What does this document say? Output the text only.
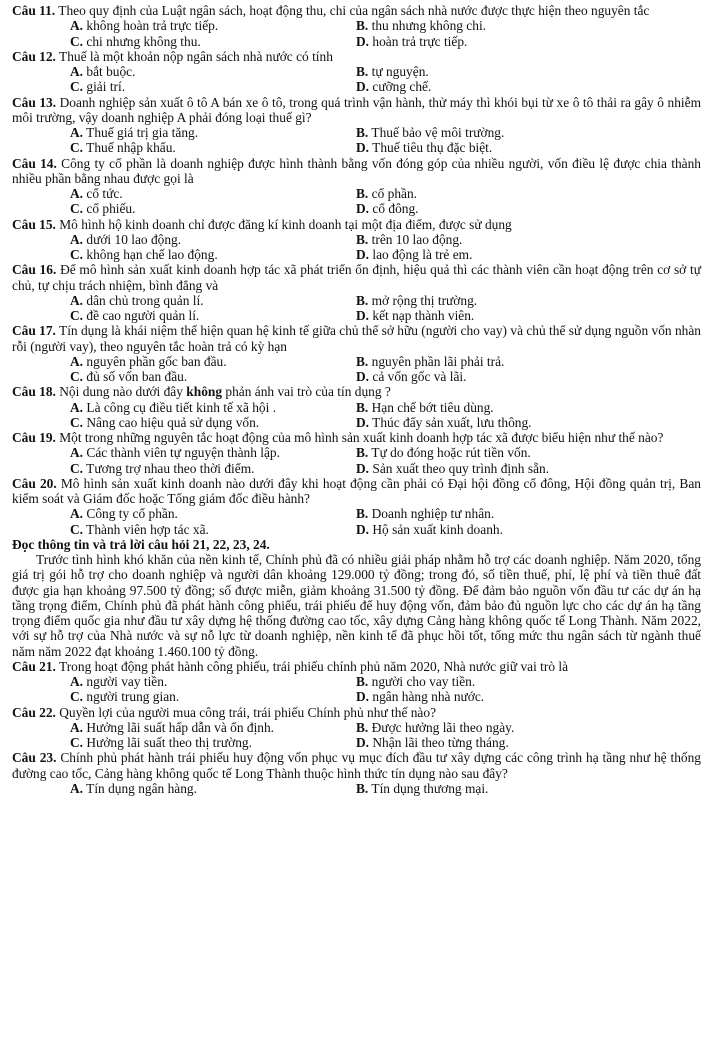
Câu 11. Theo quy định của Luật ngân sách, hoạt động thu, chi của ngân sách nhà nước được thực hiện theo nguyên tắc

A. không hoàn trả trực tiếp.	B. thu nhưng không chi.
C. chi nhưng không thu.	D. hoàn trả trực tiếp.

Câu 12. Thuế là một khoản nộp ngân sách nhà nước có tính

A. bắt buộc.	B. tự nguyện.
C. giải trí.	D. cưỡng chế.

Câu 13. Doanh nghiệp sản xuất ô tô A bán xe ô tô, trong quá trình vận hành, thử máy thì khói bụi từ xe ô tô thải ra gây ô nhiễm môi trường, vậy doanh nghiệp A phải đóng loại thuế gì?

A. Thuế giá trị gia tăng.	B. Thuế bảo vệ môi trường.
C. Thuế nhập khẩu.	D. Thuế tiêu thụ đặc biệt.

Câu 14. Công ty cổ phần là doanh nghiệp được hình thành bằng vốn đóng góp của nhiều người, vốn điều lệ được chia thành nhiều phần bằng nhau được gọi là

A. cổ tức.	B. cổ phần.
C. cổ phiếu.	D. cổ đông.

Câu 15. Mô hình hộ kinh doanh chỉ được đăng kí kinh doanh tại một địa điểm, được sử dụng

A. dưới 10 lao động.	B. trên 10 lao động.
C. không hạn chế lao động.	D. lao động là trẻ em.

Câu 16. Để mô hình sản xuất kinh doanh hợp tác xã phát triển ổn định, hiệu quả thì các thành viên cần hoạt động trên cơ sở tự chủ, tự chịu trách nhiệm, bình đẳng và

A. dân chủ trong quản lí.	B. mở rộng thị trường.
C. đề cao người quản lí.	D. kết nạp thành viên.

Câu 17. Tín dụng là khái niệm thể hiện quan hệ kinh tế giữa chủ thể sở hữu (người cho vay) và chủ thể sử dụng nguồn vốn nhàn rỗi (người vay), theo nguyên tắc hoàn trả có kỳ hạn

A. nguyên phần gốc ban đầu.	B. nguyên phần lãi phải trả.
C. đủ số vốn ban đầu.	D. cả vốn gốc và lãi.

Câu 18. Nội dung nào dưới đây không phản ánh vai trò của tín dụng ?

A. Là công cụ điều tiết kinh tế xã hội .	B. Hạn chế bớt tiêu dùng.
C. Nâng cao hiệu quả sử dụng vốn.	D. Thúc đẩy sản xuất, lưu thông.

Câu 19. Một trong những nguyên tắc hoạt động của mô hình sản xuất kinh doanh hợp tác xã được biểu hiện như thế nào?

A. Các thành viên tự nguyện thành lập.	B. Tự do đóng hoặc rút tiền vốn.
C. Tương trợ nhau theo thời điểm.	D. Sản xuất theo quy trình định sẵn.

Câu 20. Mô hình sản xuất kinh doanh nào dưới đây khi hoạt động cần phải có Đại hội đồng cổ đông, Hội đồng quản trị, Ban kiểm soát và Giám đốc hoặc Tổng giám đốc điều hành?

A. Công ty cổ phần.	B. Doanh nghiệp tư nhân.
C. Thành viên hợp tác xã.	D. Hộ sản xuất kinh doanh.

Đọc thông tin và trả lời câu hỏi 21, 22, 23, 24.

Trước tình hình khó khăn của nền kinh tế, Chính phủ đã có nhiều giải pháp nhằm hỗ trợ các doanh nghiệp. Năm 2020, tổng giá trị gói hỗ trợ cho doanh nghiệp và người dân khoảng 129.000 tỷ đồng; trong đó, số tiền thuế, phí, lệ phí và tiền thuê đất được gia hạn khoảng 97.500 tỷ đồng; số được miễn, giảm khoảng 31.500 tỷ đồng. Để đảm bảo nguồn vốn đầu tư các dự án hạ tầng trọng điểm, Chính phủ đã phát hành công phiếu, trái phiếu để huy động vốn, đảm bảo đủ nguồn lực cho các dự án hạ tầng trọng điểm quốc gia như đầu tư xây dựng hệ thống đường cao tốc, xây dựng Cảng hàng không quốc tế Long Thành. Năm 2022, với sự hỗ trợ của Nhà nước và sự nỗ lực từ doanh nghiệp, nền kinh tế đã phục hồi tốt, tổng mức thu ngân sách từ ngành thuế năm năm 2022 đạt khoảng 1.460.100 tỷ đồng.

Câu 21. Trong hoạt động phát hành công phiếu, trái phiếu chính phủ năm 2020, Nhà nước giữ vai trò là

A. người vay tiền.	B. người cho vay tiền.
C. người trung gian.	D. ngân hàng nhà nước.

Câu 22. Quyền lợi của người mua công trái, trái phiếu Chính phủ như thế nào?

A. Hưởng lãi suất hấp dẫn và ổn định.	B. Được hưởng lãi theo ngày.
C. Hưởng lãi suất theo thị trường.	D. Nhận lãi theo từng tháng.

Câu 23. Chính phủ phát hành trái phiếu huy động vốn phục vụ mục đích đầu tư xây dựng các công trình hạ tầng như hệ thống đường cao tốc, Cảng hàng không quốc tế Long Thành thuộc hình thức tín dụng nào sau đây?

A. Tín dụng ngân hàng.	B. Tín dụng thương mại.
